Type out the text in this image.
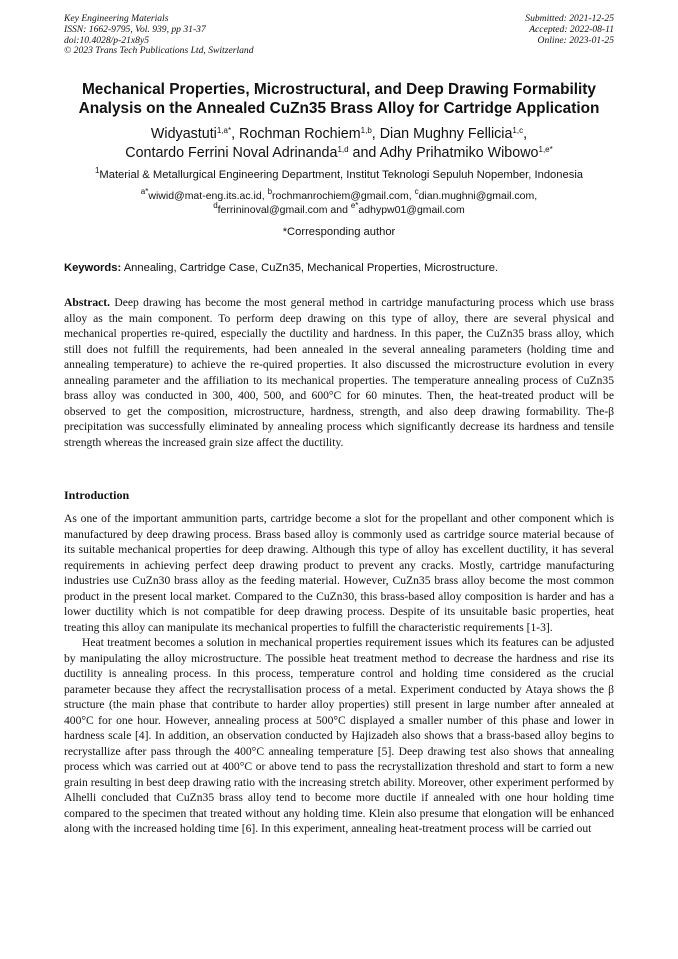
Key Engineering Materials
ISSN: 1662-9795, Vol. 939, pp 31-37
doi:10.4028/p-21x8y5
© 2023 Trans Tech Publications Ltd, Switzerland
Submitted: 2021-12-25
Accepted: 2022-08-11
Online: 2023-01-25
Mechanical Properties, Microstructural, and Deep Drawing Formability
Analysis on the Annealed CuZn35 Brass Alloy for Cartridge Application
Widyastuti$^{1,a*}$, Rochman Rochiem$^{1,b}$, Dian Mughny Fellicia$^{1,c}$,
Contardo Ferrini Noval Adrinanda$^{1,d}$ and Adhy Prihatmiko Wibowo$^{1,e*}$
$^1$Material & Metallurgical Engineering Department, Institut Teknologi Sepuluh Nopember, Indonesia
$^{a*}$wiwid@mat-eng.its.ac.id, $^b$rochmanrochiem@gmail.com, $^c$dian.mughni@gmail.com,
$^d$ferrininoval@gmail.com and $^{e*}$adhypw01@gmail.com
*Corresponding author
Keywords: Annealing, Cartridge Case, CuZn35, Mechanical Properties, Microstructure.
Abstract. Deep drawing has become the most general method in cartridge manufacturing process which use brass alloy as the main component. To perform deep drawing on this type of alloy, there are several physical and mechanical properties re-quired, especially the ductility and hardness. In this paper, the CuZn35 brass alloy, which still does not fulfill the requirements, had been annealed in the several annealing parameters (holding time and annealing temperature) to achieve the re-quired properties. It also discussed the microstructure evolution in every annealing parameter and the affiliation to its mechanical properties. The temperature annealing process of CuZn35 brass alloy was conducted in 300, 400, 500, and 600°C for 60 minutes. Then, the heat-treated product will be observed to get the composition, microstructure, hardness, strength, and also deep drawing formability. The-β precipitation was successfully eliminated by annealing process which significantly decrease its hardness and tensile strength whereas the increased grain size affect the ductility.
Introduction

As one of the important ammunition parts, cartridge become a slot for the propellant and other component which is manufactured by deep drawing process. Brass based alloy is commonly used as cartridge source material because of its suitable mechanical properties for deep drawing. Although this type of alloy has excellent ductility, it has several requirements in achieving perfect deep drawing product to prevent any cracks. Mostly, cartridge manufacturing industries use CuZn30 brass alloy as the feeding material. However, CuZn35 brass alloy become the most common product in the present local market. Compared to the CuZn30, this brass-based alloy composition is harder and has a lower ductility which is not compatible for deep drawing process. Despite of its unsuitable basic properties, heat treating this alloy can manipulate its mechanical properties to fulfill the characteristic requirements [1-3].

Heat treatment becomes a solution in mechanical properties requirement issues which its features can be adjusted by manipulating the alloy microstructure. The possible heat treatment method to decrease the hardness and rise its ductility is annealing process. In this process, temperature control and holding time considered as the crucial parameter because they affect the recrystallisation process of a metal. Experiment conducted by Ataya shows the β structure (the main phase that contribute to harder alloy properties) still present in large number after annealed at 400°C for one hour. However, annealing process at 500°C displayed a smaller number of this phase and lower in hardness scale [4]. In addition, an observation conducted by Hajizadeh also shows that a brass-based alloy begins to recrystallize after pass through the 400°C annealing temperature [5]. Deep drawing test also shows that annealing process which was carried out at 400°C or above tend to pass the recrystallization threshold and start to form a new grain resulting in best deep drawing ratio with the increasing stretch ability. Moreover, other experiment performed by Alhelli concluded that CuZn35 brass alloy tend to become more ductile if annealed with one hour holding time compared to the specimen that treated without any holding time. Klein also presume that elongation will be enhanced along with the increased holding time [6]. In this experiment, annealing heat-treatment process will be carried out
